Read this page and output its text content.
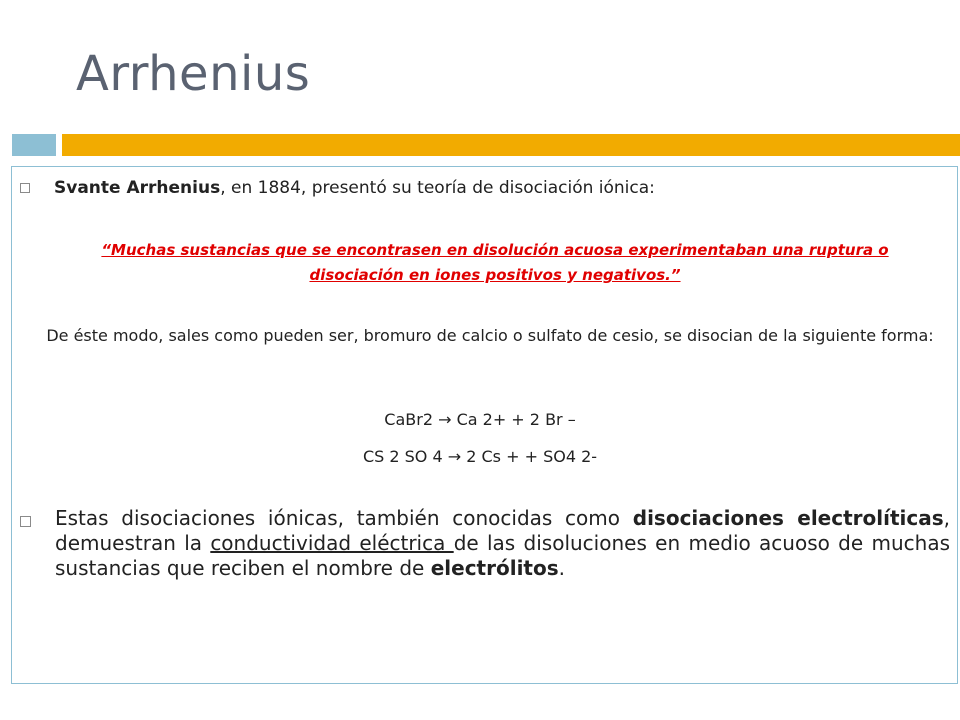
Arrhenius
Svante Arrhenius, en 1884, presentó su teoría de disociación iónica:
“Muchas sustancias que se encontrasen en disolución acuosa experimentaban una ruptura o
disociación en iones positivos y negativos.”
De éste modo, sales como pueden ser, bromuro de calcio o sulfato de cesio, se disocian de la siguiente forma:
CaBr2 → Ca 2+ + 2 Br –
CS 2 SO 4 → 2 Cs + + SO4 2-
Estas disociaciones iónicas, también conocidas como disociaciones electrolíticas, demuestran la conductividad eléctrica de las disoluciones en medio acuoso de muchas sustancias que reciben el nombre de electrólitos.
